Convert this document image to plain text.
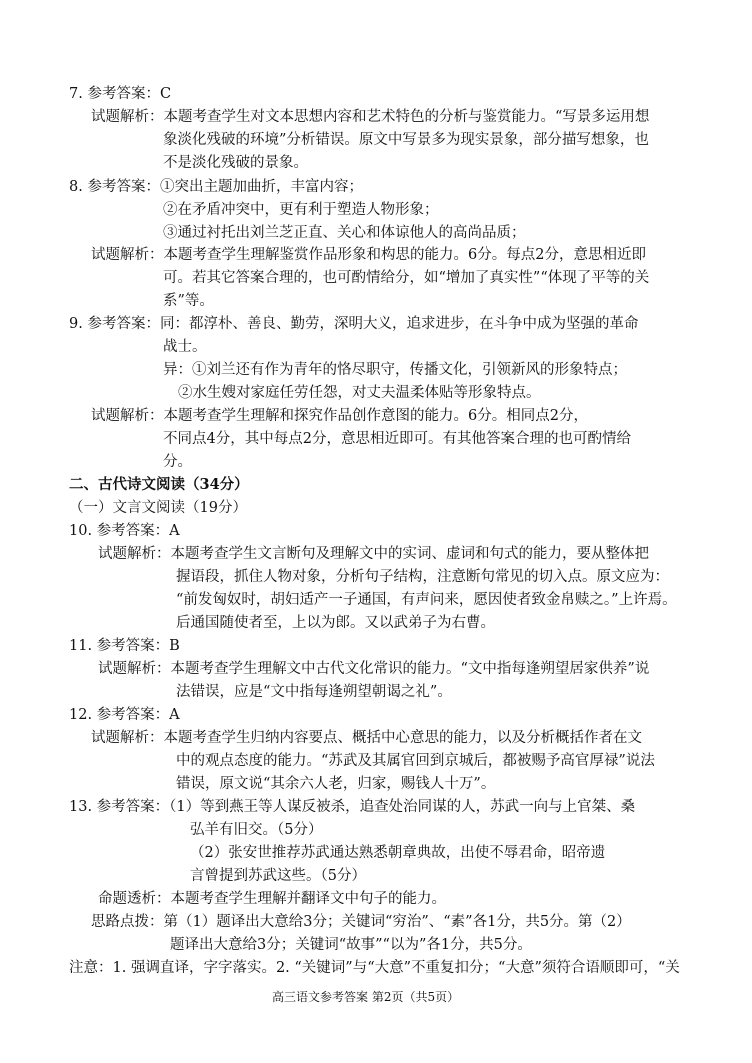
7. 参考答案：C
试题解析：本题考查学生对文本思想内容和艺术特色的分析与鉴赏能力。“写景多运用想
象淡化残破的环境”分析错误。原文中写景多为现实景象，部分描写想象，也
不是淡化残破的景象。
8. 参考答案：①突出主题加曲折，丰富内容；
②在矛盾冲突中，更有利于塑造人物形象；
③通过衬托出刘兰芝正直、关心和体谅他人的高尚品质；
试题解析：本题考查学生理解鉴赏作品形象和构思的能力。6分。每点2分，意思相近即
可。若其它答案合理的，也可酌情给分，如“增加了真实性”“体现了平等的关
系”等。
9. 参考答案：同：都淳朴、善良、勤劳，深明大义，追求进步，在斗争中成为坚强的革命
战士。
异：①刘兰还有作为青年的恪尽职守，传播文化，引领新风的形象特点；
②水生嫂对家庭任劳任怨，对丈夫温柔体贴等形象特点。
试题解析：本题考查学生理解和探究作品创作意图的能力。6分。相同点2分，
不同点4分，其中每点2分，意思相近即可。有其他答案合理的也可酌情给
分。
二、古代诗文阅读（34分）
（一）文言文阅读（19分）
10. 参考答案：A
试题解析：本题考查学生文言断句及理解文中的实词、虚词和句式的能力，要从整体把
握语段，抓住人物对象，分析句子结构，注意断句常见的切入点。原文应为：
“前发匈奴时，胡妇适产一子通国，有声问来，愿因使者致金帛赎之。”上许焉。
后通国随使者至，上以为郎。又以武弟子为右曹。
11. 参考答案：B
试题解析：本题考查学生理解文中古代文化常识的能力。“文中指每逢朔望居家供养”说
法错误，应是“文中指每逢朔望朝谒之礼”。
12. 参考答案：A
试题解析：本题考查学生归纳内容要点、概括中心意思的能力，以及分析概括作者在文
中的观点态度的能力。“苏武及其属官回到京城后，都被赐予高官厚禄”说法
错误，原文说“其余六人老，归家，赐钱人十万”。
13. 参考答案：（1）等到燕王等人谋反被杀，追查处治同谋的人，苏武一向与上官桀、桑
弘羊有旧交。（5分）
（2）张安世推荐苏武通达熟悉朝章典故，出使不辱君命，昭帝遗
言曾提到苏武这些。（5分）
命题透析：本题考查学生理解并翻译文中句子的能力。
思路点拨：第（1）题译出大意给3分；关键词“穷治”、“素”各1分，共5分。第（2）
题译出大意给3分；关键词“故事”“以为”各1分，共5分。
注意：1. 强调直译，字字落实。2. “关键词”与“大意”不重复扣分；“大意”须符合语顺即可，“关
高三语文参考答案 第2页（共5页）
